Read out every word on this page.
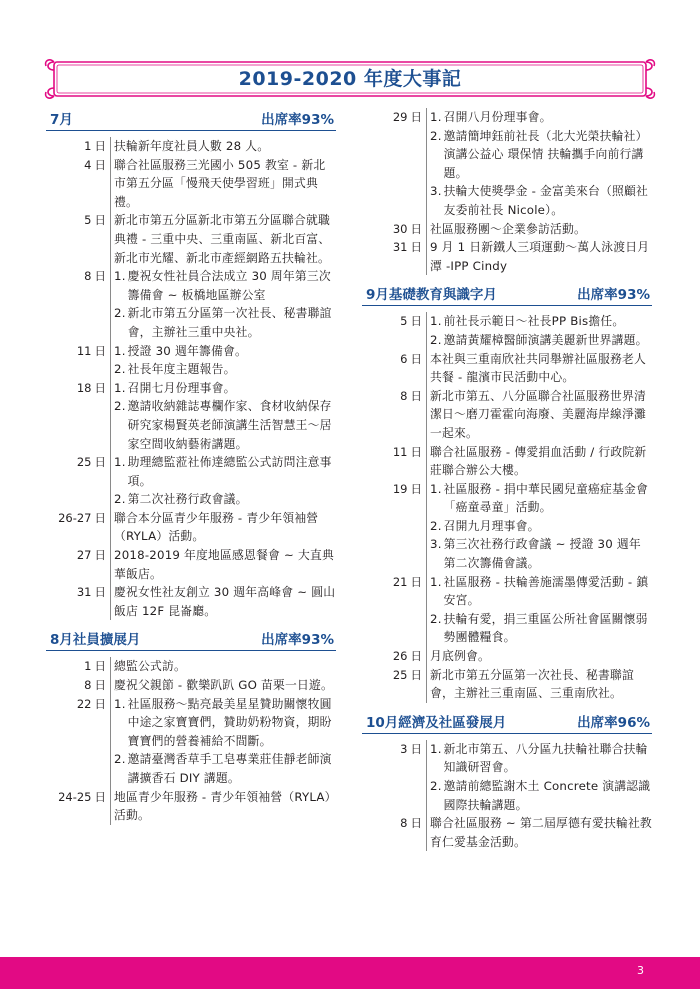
2019-2020 年度大事記
7月	出席率93%
1 日 扶輪新年度社員人數 28 人。
4 日 聯合社區服務三光國小 505 教室 - 新北市第五分區「慢飛天使學習班」開式典禮。
5 日 新北市第五分區新北市第五分區聯合就職典禮 - 三重中央、三重南區、新北百富、新北市光耀、新北市產經網路五扶輪社。
8 日 1. 慶祝女性社員合法成立 30 周年第三次籌備會 ~ 板橋地區辦公室
2. 新北市第五分區第一次社長、秘書聯誼會，主辦社三重中央社。
11 日 1. 授證 30 週年籌備會。
2. 社長年度主題報告。
18 日 1. 召開七月份理事會。
2. 邀請收納雜誌專欄作家、食材收納保存研究家楊賢英老師演講生活智慧王～居家空間收納藝術講題。
25 日 1. 助理總監蒞社佈達總監公式訪問注意事項。
2. 第二次社務行政會議。
26-27 日 聯合本分區青少年服務 - 青少年領袖營（RYLA）活動。
27 日 2018-2019 年度地區感恩餐會 ~ 大直典華飯店。
31 日 慶祝女性社友創立 30 週年高峰會 ~ 圓山飯店 12F 昆崙廳。
8月社員擴展月	出席率93%
1 日 總監公式訪。
8 日 慶祝父親節 - 歡樂趴趴 GO 苗栗一日遊。
22 日 1. 社區服務～點亮最美星星贊助關懷牧圓中途之家寶寶們，贊助奶粉物資，期盼寶寶們的營養補給不間斷。
2. 邀請臺灣香草手工皂專業莊佳靜老師演講擴香石 DIY 講題。
24-25 日 地區青少年服務 - 青少年領袖營（RYLA）活動。
29 日 1. 召開八月份理事會。
2. 邀請簡坤鈺前社長（北大光榮扶輪社）演講公益心 環保情 扶輪攜手向前行講題。
3. 扶輪大使獎學金 - 金富美來台（照顧社友委前社長 Nicole）。
30 日 社區服務團～企業參訪活動。
31 日 9 月 1 日新鐵人三項運動～萬人泳渡日月潭 -IPP Cindy
9月基礎教育與識字月	出席率93%
5 日 1. 前社長示範日～社長PP Bis擔任。
2. 邀請黃耀樟醫師演講美麗新世界講題。
6 日 本社與三重南欣社共同舉辦社區服務老人共餐 - 龍濱市民活動中心。
8 日 新北市第五、八分區聯合社區服務世界清潔日～磨刀霍霍向海廢、美麗海岸線淨灘一起來。
11 日 聯合社區服務 - 傳愛捐血活動 / 行政院新莊聯合辦公大樓。
19 日 1. 社區服務 - 捐中華民國兒童癌症基金會「癌童尋童」活動。
2. 召開九月理事會。
3. 第三次社務行政會議 ~ 授證 30 週年第二次籌備會議。
21 日 1. 社區服務 - 扶輪善施濡墨傳愛活動 - 鎮安宮。
2. 扶輪有愛，捐三重區公所社會區關懷弱勢團體糧食。
26 日 月底例會。
25 日 新北市第五分區第一次社長、秘書聯誼會，主辦社三重南區、三重南欣社。
10月經濟及社區發展月	出席率96%
3 日 1. 新北市第五、八分區九扶輪社聯合扶輪知識研習會。
2. 邀請前總監謝木土 Concrete 演講認識國際扶輪講題。
8 日 聯合社區服務 ~ 第二屆厚德有愛扶輪社教育仁愛基金活動。
3
